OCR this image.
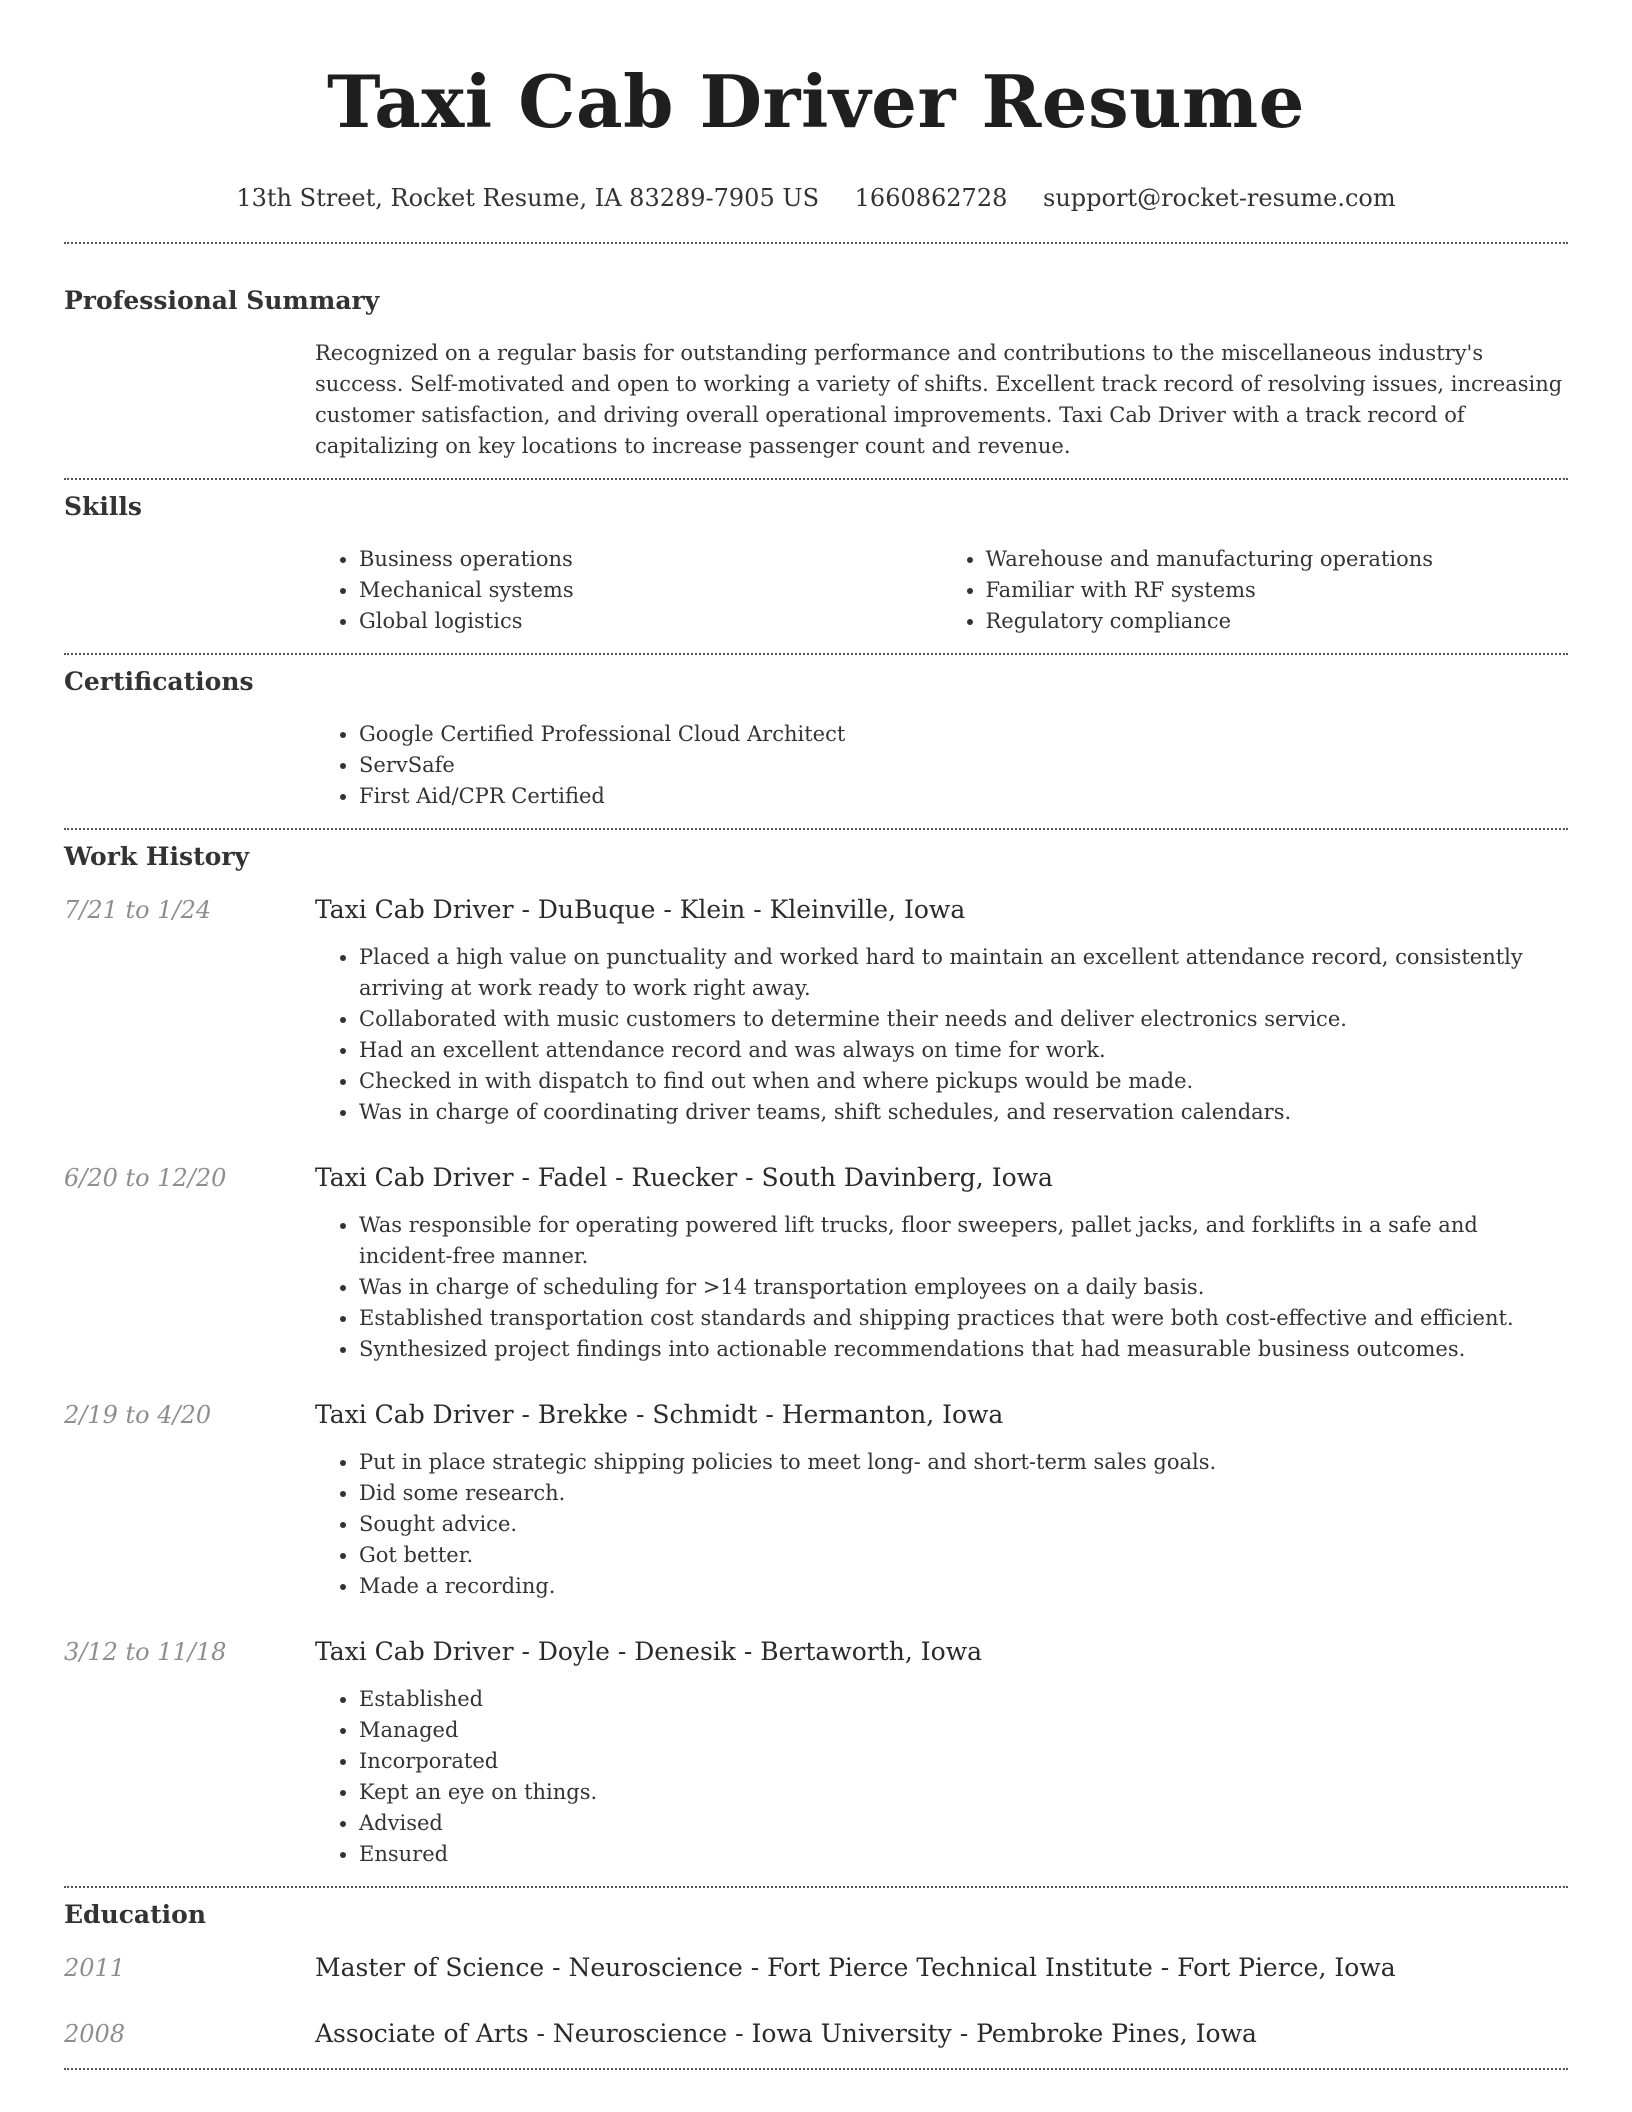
Taxi Cab Driver Resume
13th Street, Rocket Resume, IA 83289-7905 US 1660862728 support@rocket-resume.com
Professional Summary

Recognized on a regular basis for outstanding performance and contributions to the miscellaneous industry's success. Self-motivated and open to working a variety of shifts. Excellent track record of resolving issues, increasing customer satisfaction, and driving overall operational improvements. Taxi Cab Driver with a track record of capitalizing on key locations to increase passenger count and revenue.

Skills
• Business operations
• Mechanical systems
• Global logistics
• Warehouse and manufacturing operations
• Familiar with RF systems
• Regulatory compliance
Certifications
• Google Certified Professional Cloud Architect
• ServSafe
• First Aid/CPR Certified
Work History
7/21 to 1/24	Taxi Cab Driver - DuBuque - Klein - Kleinville, Iowa
• Placed a high value on punctuality and worked hard to maintain an excellent attendance record, consistently arriving at work ready to work right away.
• Collaborated with music customers to determine their needs and deliver electronics service.
• Had an excellent attendance record and was always on time for work.
• Checked in with dispatch to find out when and where pickups would be made.
• Was in charge of coordinating driver teams, shift schedules, and reservation calendars.
6/20 to 12/20	Taxi Cab Driver - Fadel - Ruecker - South Davinberg, Iowa
• Was responsible for operating powered lift trucks, floor sweepers, pallet jacks, and forklifts in a safe and incident-free manner.
• Was in charge of scheduling for >14 transportation employees on a daily basis.
• Established transportation cost standards and shipping practices that were both cost-effective and efficient.
• Synthesized project findings into actionable recommendations that had measurable business outcomes.
2/19 to 4/20	Taxi Cab Driver - Brekke - Schmidt - Hermanton, Iowa
• Put in place strategic shipping policies to meet long- and short-term sales goals.
• Did some research.
• Sought advice.
• Got better.
• Made a recording.
3/12 to 11/18	Taxi Cab Driver - Doyle - Denesik - Bertaworth, Iowa
• Established
• Managed
• Incorporated
• Kept an eye on things.
• Advised
• Ensured
Education
2011	Master of Science - Neuroscience - Fort Pierce Technical Institute - Fort Pierce, Iowa
2008	Associate of Arts - Neuroscience - Iowa University - Pembroke Pines, Iowa
